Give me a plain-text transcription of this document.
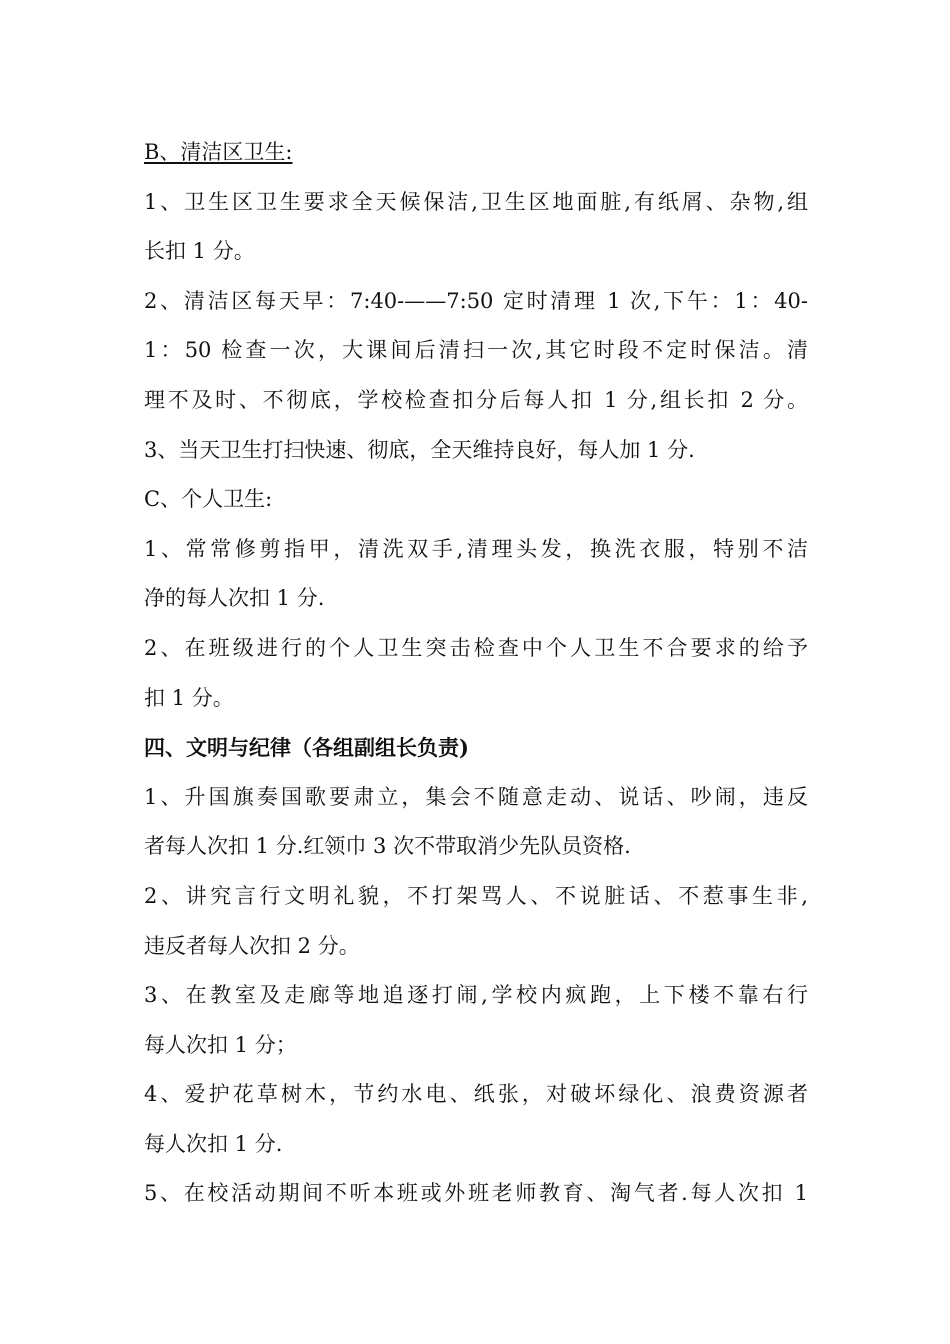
B、清洁区卫生:
1、卫生区卫生要求全天候保洁,卫生区地面脏,有纸屑、杂物,组
长扣 1 分。
2、清洁区每天早：7:40-——7:50 定时清理 1 次,下午：1：40-
1：50 检查一次，大课间后清扫一次,其它时段不定时保洁。清
理不及时、不彻底，学校检查扣分后每人扣 1 分,组长扣 2 分。
3、当天卫生打扫快速、彻底，全天维持良好，每人加 1 分.
C、个人卫生:
1、常常修剪指甲，清洗双手,清理头发，换洗衣服，特别不洁
净的每人次扣 1 分.
2、在班级进行的个人卫生突击检查中个人卫生不合要求的给予
扣 1 分。
四、文明与纪律（各组副组长负责)
1、升国旗奏国歌要肃立，集会不随意走动、说话、吵闹，违反
者每人次扣 1 分.红领巾 3 次不带取消少先队员资格.
2、讲究言行文明礼貌，不打架骂人、不说脏话、不惹事生非,
违反者每人次扣 2 分。
3、在教室及走廊等地追逐打闹,学校内疯跑，上下楼不靠右行
每人次扣 1 分；
4、爱护花草树木，节约水电、纸张，对破坏绿化、浪费资源者
每人次扣 1 分.
5、在校活动期间不听本班或外班老师教育、淘气者.每人次扣 1
